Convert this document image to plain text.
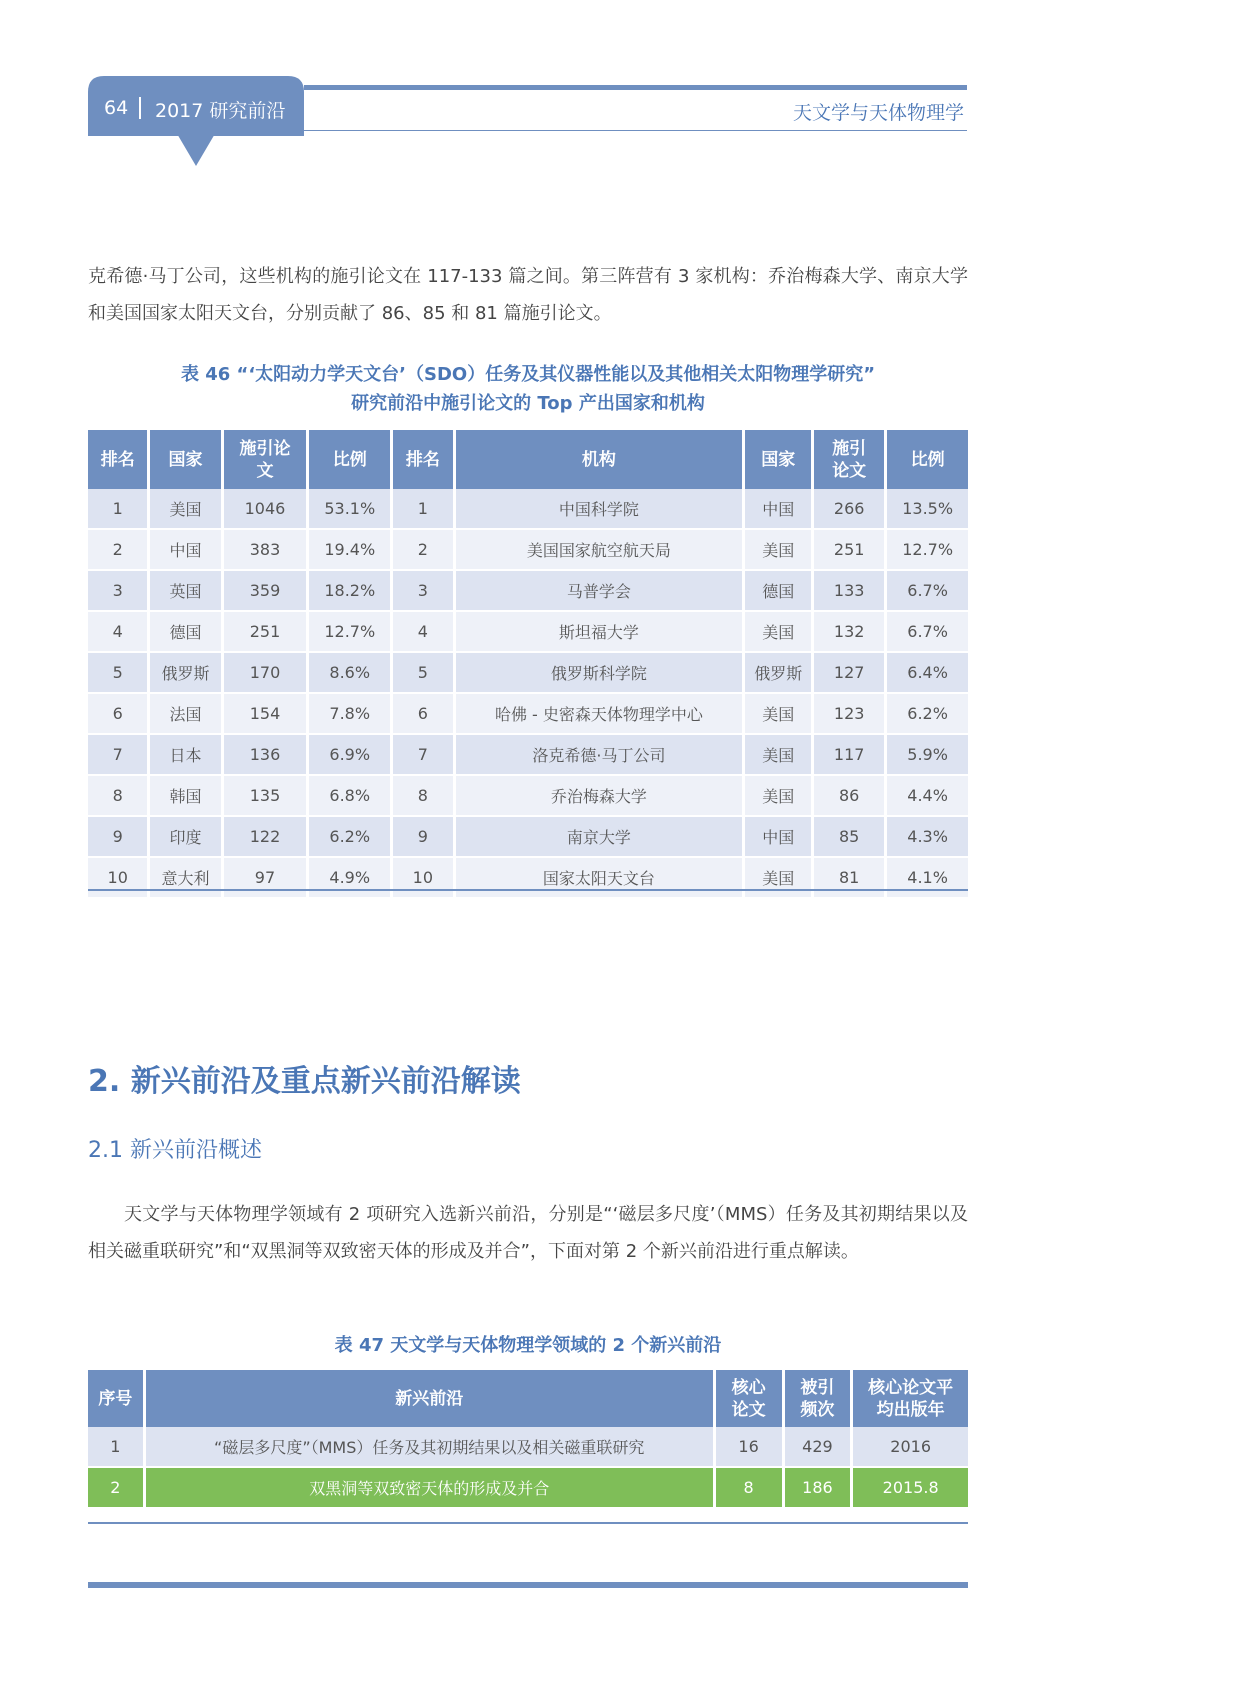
64 2017 研究前沿	天文学与天体物理学
克希德·马丁公司，这些机构的施引论文在 117-133 篇之间。第三阵营有 3 家机构：乔治梅森大学、南京大学和美国国家太阳天文台，分别贡献了 86、85 和 81 篇施引论文。
表 46 “‘太阳动力学天文台’（SDO）任务及其仪器性能以及其他相关太阳物理学研究”
研究前沿中施引论文的 Top 产出国家和机构
排名	国家	施引论文	比例	排名	机构	国家	施引论文	比例
1	美国	1046	53.1%	1	中国科学院	中国	266	13.5%
2	中国	383	19.4%	2	美国国家航空航天局	美国	251	12.7%
3	英国	359	18.2%	3	马普学会	德国	133	6.7%
4	德国	251	12.7%	4	斯坦福大学	美国	132	6.7%
5	俄罗斯	170	8.6%	5	俄罗斯科学院	俄罗斯	127	6.4%
6	法国	154	7.8%	6	哈佛 - 史密森天体物理学中心	美国	123	6.2%
7	日本	136	6.9%	7	洛克希德·马丁公司	美国	117	5.9%
8	韩国	135	6.8%	8	乔治梅森大学	美国	86	4.4%
9	印度	122	6.2%	9	南京大学	中国	85	4.3%
10	意大利	97	4.9%	10	国家太阳天文台	美国	81	4.1%
2. 新兴前沿及重点新兴前沿解读
2.1 新兴前沿概述
天文学与天体物理学领域有 2 项研究入选新兴前沿，分别是“‘磁层多尺度’（MMS）任务及其初期结果以及相关磁重联研究”和“双黑洞等双致密天体的形成及并合”，下面对第 2 个新兴前沿进行重点解读。
表 47 天文学与天体物理学领域的 2 个新兴前沿
序号	新兴前沿	核心论文	被引频次	核心论文平均出版年
1	“磁层多尺度”（MMS）任务及其初期结果以及相关磁重联研究	16	429	2016
2	双黑洞等双致密天体的形成及并合	8	186	2015.8
